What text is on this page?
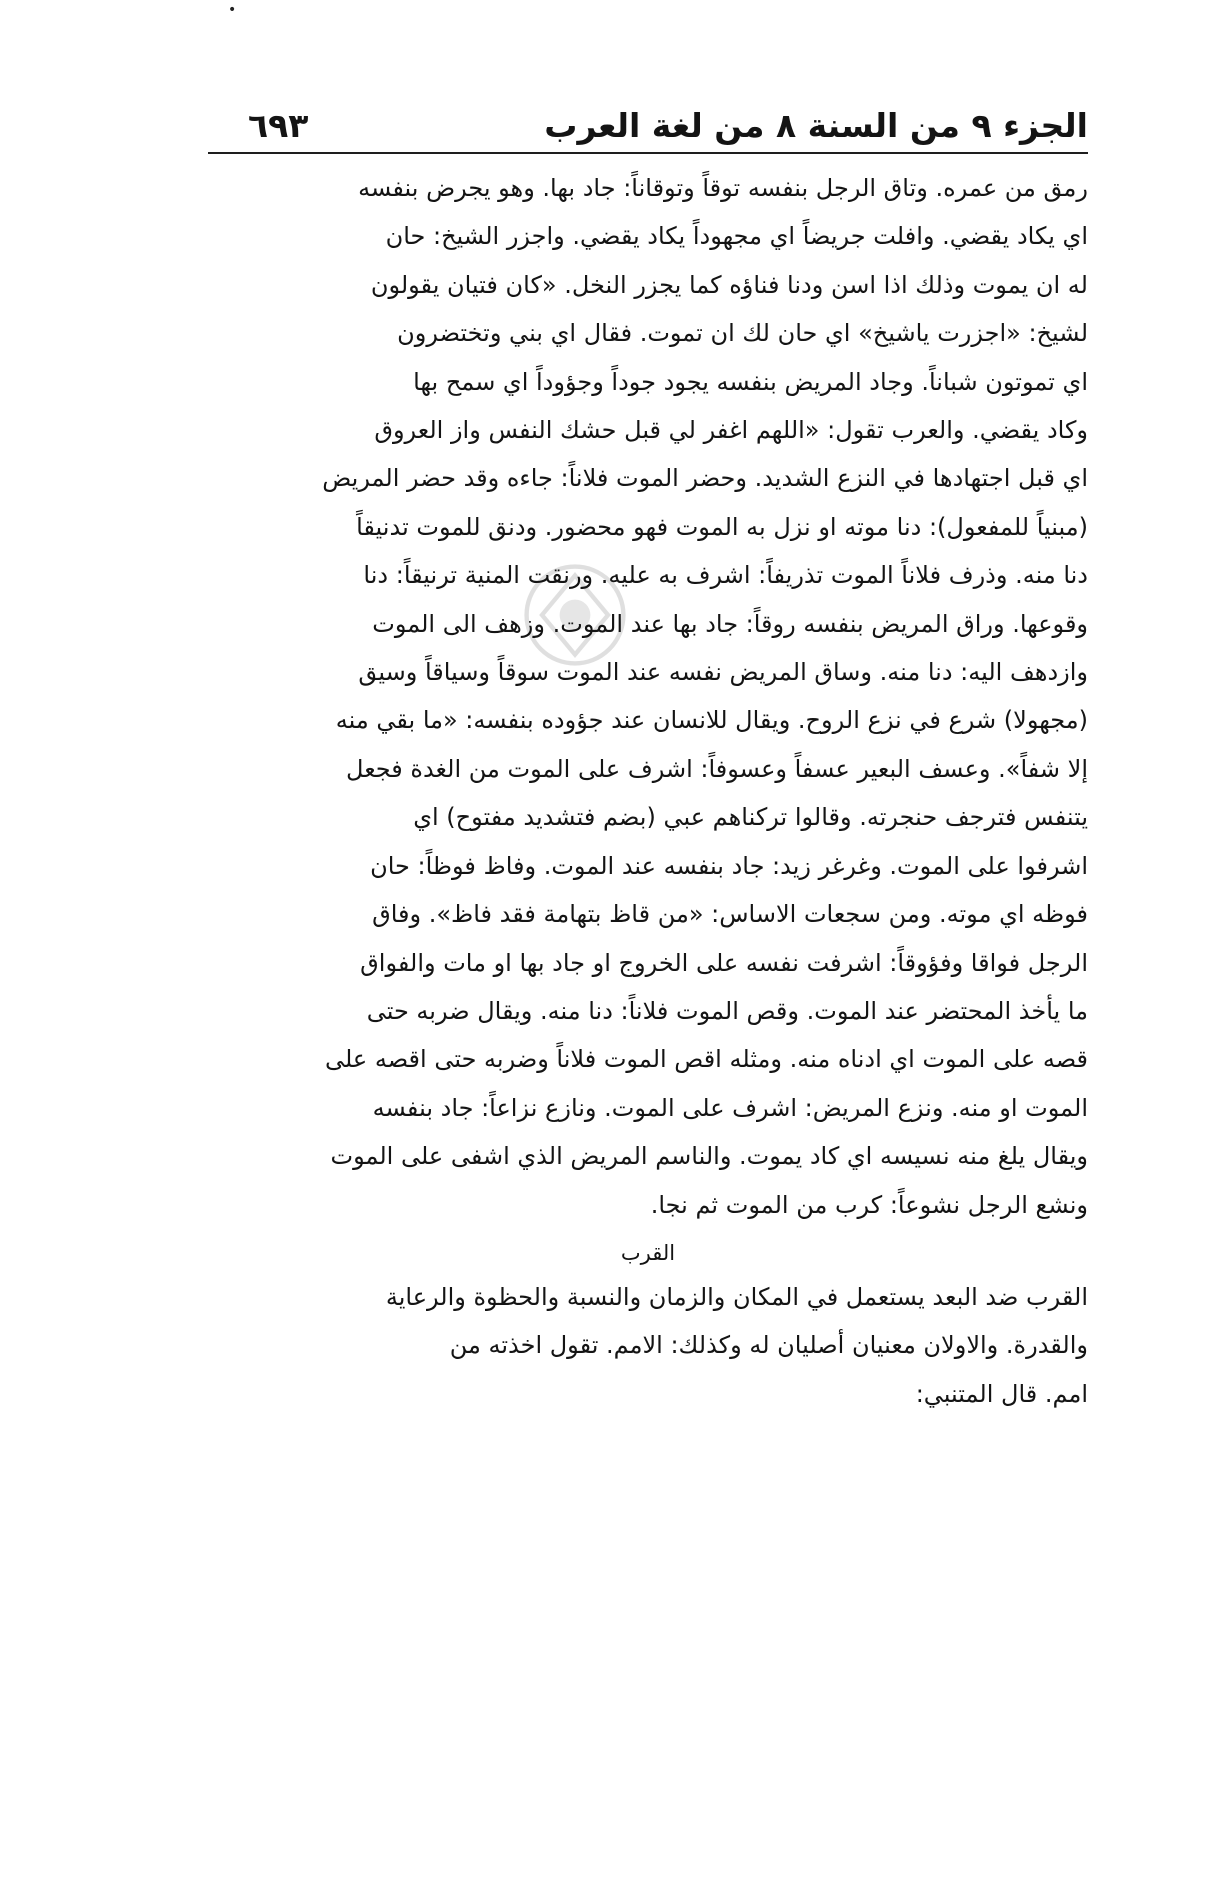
•
الجزء ٩ من السنة ٨ من لغة العرب
٦٩٣

رمق من عمره. وتاق الرجل بنفسه توقاً وتوقاناً: جاد بها. وهو يجرض بنفسه
اي يكاد يقضي. وافلت جريضاً اي مجهوداً يكاد يقضي. واجزر الشيخ: حان
له ان يموت وذلك اذا اسن ودنا فناؤه كما يجزر النخل. «كان فتيان يقولون
لشيخ: «اجزرت ياشيخ» اي حان لك ان تموت. فقال اي بني وتختضرون
اي تموتون شباناً. وجاد المريض بنفسه يجود جوداً وجؤوداً اي سمح بها
وكاد يقضي. والعرب تقول: «اللهم اغفر لي قبل حشك النفس واز العروق
اي قبل اجتهادها في النزع الشديد. وحضر الموت فلاناً: جاءه وقد حضر المريض
(مبنياً للمفعول): دنا موته او نزل به الموت فهو محضور. ودنق للموت تدنيقاً
دنا منه. وذرف فلاناً الموت تذريفاً: اشرف به عليه. ورنقت المنية ترنيقاً: دنا
وقوعها. وراق المريض بنفسه روقاً: جاد بها عند الموت. وزهف الى الموت
وازدهف اليه: دنا منه. وساق المريض نفسه عند الموت سوقاً وسياقاً وسيق
(مجهولا) شرع في نزع الروح. ويقال للانسان عند جؤوده بنفسه: «ما بقي منه
إلا شفاً». وعسف البعير عسفاً وعسوفاً: اشرف على الموت من الغدة فجعل
يتنفس فترجف حنجرته. وقالوا تركناهم عبي (بضم فتشديد مفتوح) اي
اشرفوا على الموت. وغرغر زيد: جاد بنفسه عند الموت. وفاظ فوظاً: حان
فوظه اي موته. ومن سجعات الاساس: «من قاظ بتهامة فقد فاظ». وفاق
الرجل فواقا وفؤوقاً: اشرفت نفسه على الخروج او جاد بها او مات والفواق
ما يأخذ المحتضر عند الموت. وقص الموت فلاناً: دنا منه. ويقال ضربه حتى
قصه على الموت اي ادناه منه. ومثله اقص الموت فلاناً وضربه حتى اقصه على
الموت او منه. ونزع المريض: اشرف على الموت. ونازع نزاعاً: جاد بنفسه
ويقال يلغ منه نسيسه اي كاد يموت. والناسم المريض الذي اشفى على الموت
ونشع الرجل نشوعاً: كرب من الموت ثم نجا.

القرب

القرب ضد البعد يستعمل في المكان والزمان والنسبة والحظوة والرعاية
والقدرة. والاولان معنيان أصليان له وكذلك: الامم. تقول اخذته من
امم. قال المتنبي:
